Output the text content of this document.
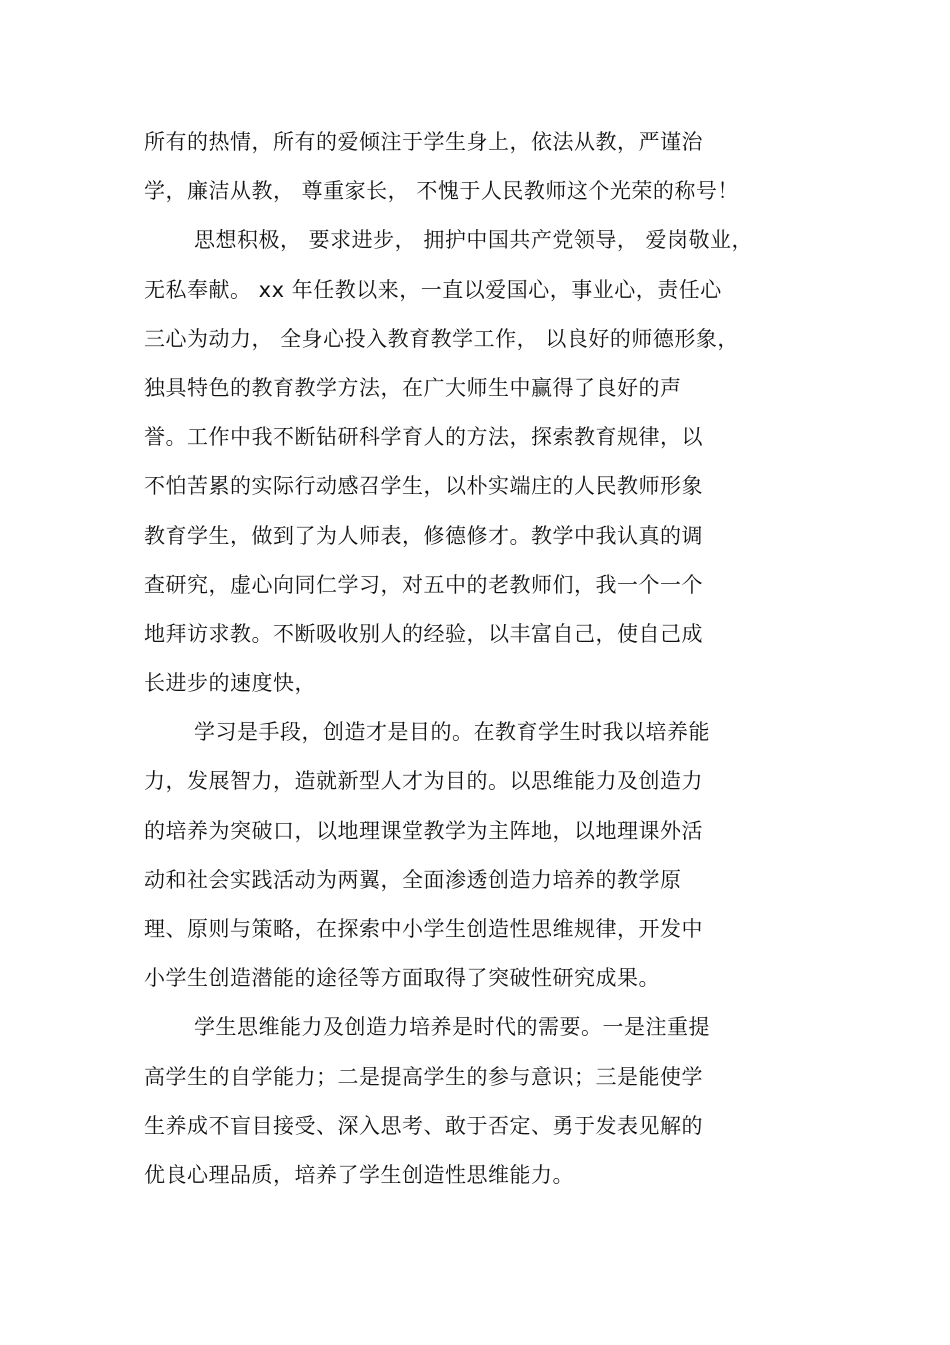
所有的热情，所有的爱倾注于学生身上，依法从教，严谨治
学，廉洁从教， 尊重家长， 不愧于人民教师这个光荣的称号！
思想积极， 要求进步， 拥护中国共产党领导， 爱岗敬业，
无私奉献。 xx 年任教以来，一直以爱国心，事业心，责任心
三心为动力， 全身心投入教育教学工作， 以良好的师德形象，
独具特色的教育教学方法，在广大师生中赢得了良好的声
誉。工作中我不断钻研科学育人的方法，探索教育规律，以
不怕苦累的实际行动感召学生，以朴实端庄的人民教师形象
教育学生，做到了为人师表，修德修才。教学中我认真的调
查研究，虚心向同仁学习，对五中的老教师们，我一个一个
地拜访求教。不断吸收别人的经验，以丰富自己，使自己成
长进步的速度快，
学习是手段，创造才是目的。在教育学生时我以培养能
力，发展智力，造就新型人才为目的。以思维能力及创造力
的培养为突破口，以地理课堂教学为主阵地，以地理课外活
动和社会实践活动为两翼，全面渗透创造力培养的教学原
理、原则与策略，在探索中小学生创造性思维规律，开发中
小学生创造潜能的途径等方面取得了突破性研究成果。
学生思维能力及创造力培养是时代的需要。一是注重提
高学生的自学能力；二是提高学生的参与意识；三是能使学
生养成不盲目接受、深入思考、敢于否定、勇于发表见解的
优良心理品质，培养了学生创造性思维能力。
